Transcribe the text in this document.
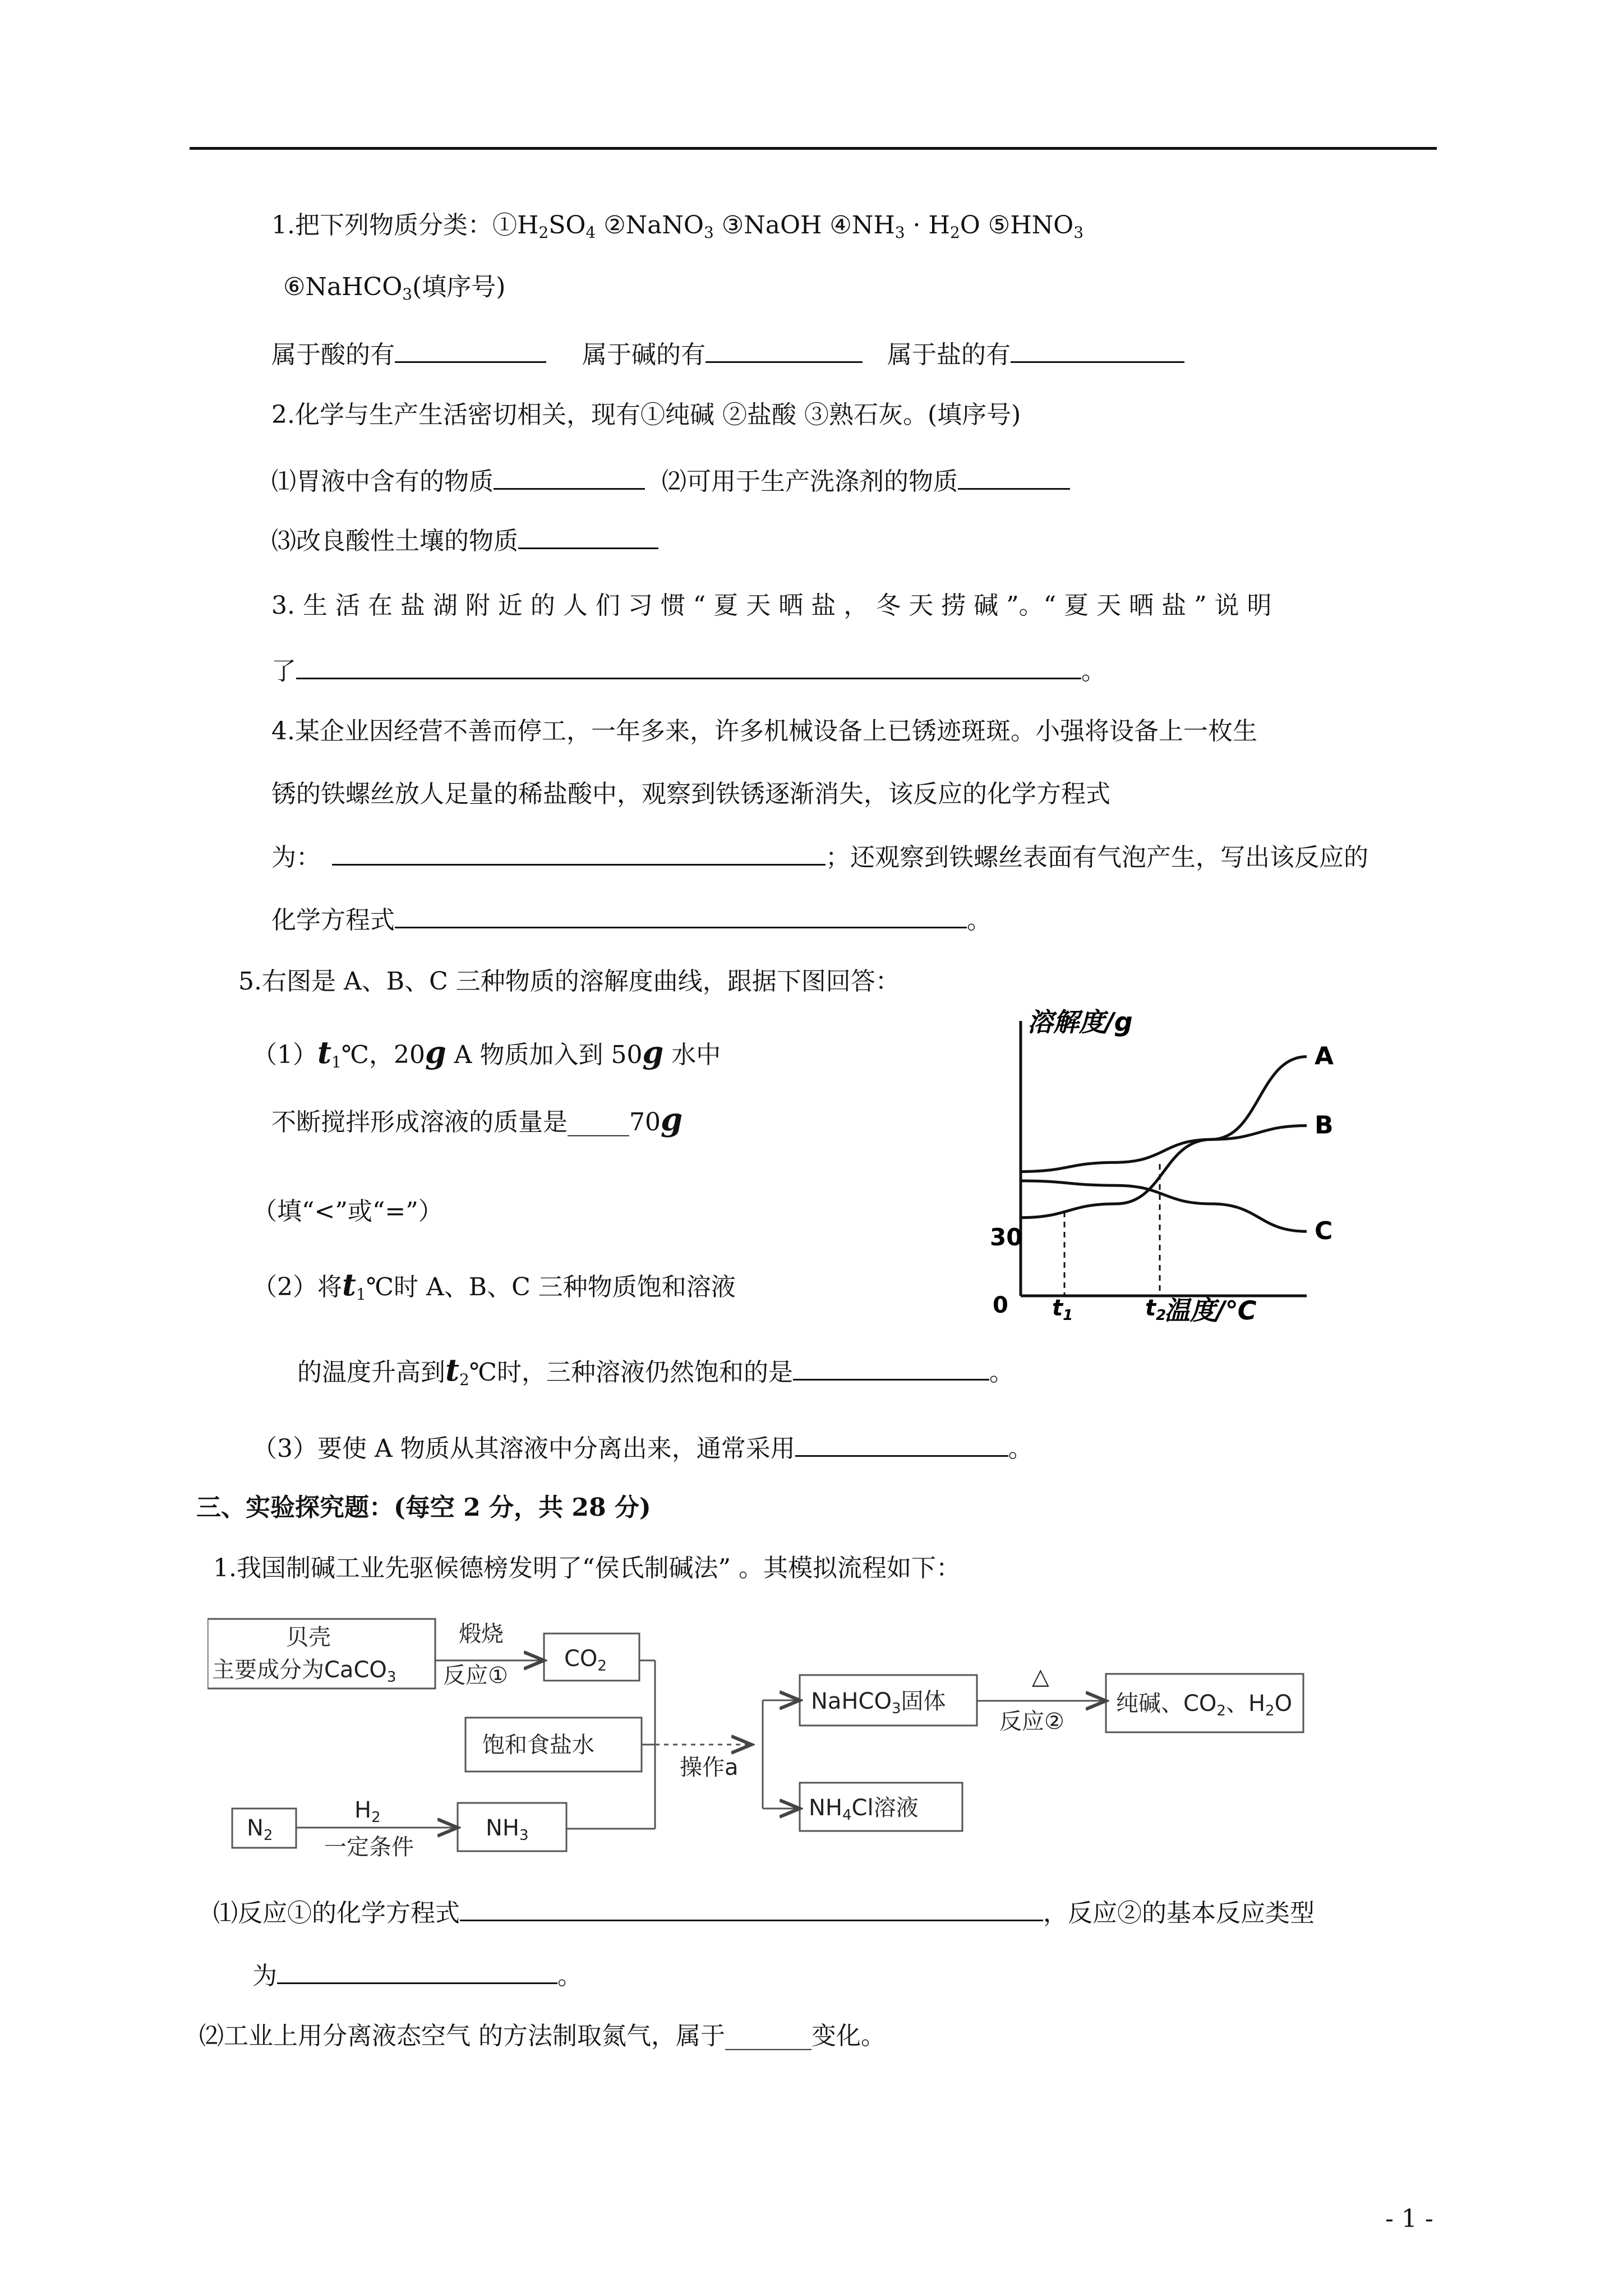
1.把下列物质分类：$①H_2SO_4$ ②NaNO$_3$ ③NaOH $④NH_3 \cdot H_2O$ $⑤HNO_3$
⑥NaHCO$_3$(填序号)
属于酸的有	属于碱的有	属于盐的有
2.化学与生产生活密切相关，现有①纯碱 ②盐酸 ③熟石灰。(填序号)
⑴胃液中含有的物质	⑵可用于生产洗涤剂的物质
⑶改良酸性土壤的物质
3. 生 活 在 盐 湖 附 近 的 人 们 习 惯 “ 夏 天 晒 盐 ， 冬 天 捞 碱 ”。“ 夏 天 晒 盐 ” 说 明
了	。
4.某企业因经营不善而停工，一年多来，许多机械设备上已锈迹斑斑。小强将设备上一枚生
锈的铁螺丝放人足量的稀盐酸中，观察到铁锈逐渐消失，该反应的化学方程式
为：	；还观察到铁螺丝表面有气泡产生，写出该反应的
化学方程式	。
5.右图是 A、B、C 三种物质的溶解度曲线，跟据下图回答：
$(1)t_1℃$，20g A 物质加入到 50g 水中
不断搅拌形成溶液的质量是_____70g
（填“<”或“=”）
（2）将$t_1℃$时 A、B、C 三种物质饱和溶液
的温度升高到$t_2℃$时，三种溶液仍然饱和的是	。
（3）要使 A 物质从其溶液中分离出来，通常采用	。
溶解度/g
温度/℃
30
0 $t_1$	$t_2$
A
B
C
三、实验探究题：(每空 2 分，共 28 分)
1.我国制碱工业先驱候德榜发明了“侯氏制碱法” 。其模拟流程如下：
贝壳
主要成分为CaCO$_3$
煅烧
反应①
$CO_2$
饱和食盐水
操作a
NaHCO$_3$固体
△
反应②
纯碱、$CO_2$、$H_2O$
$NH_4Cl$溶液
$N_2$
$H_2$
一定条件
$NH_3$
⑴反应①的化学方程式	，反应②的基本反应类型
为	。
⑵工业上用分离液态空气 的方法制取氮气，属于_______变化。
- 1 -
